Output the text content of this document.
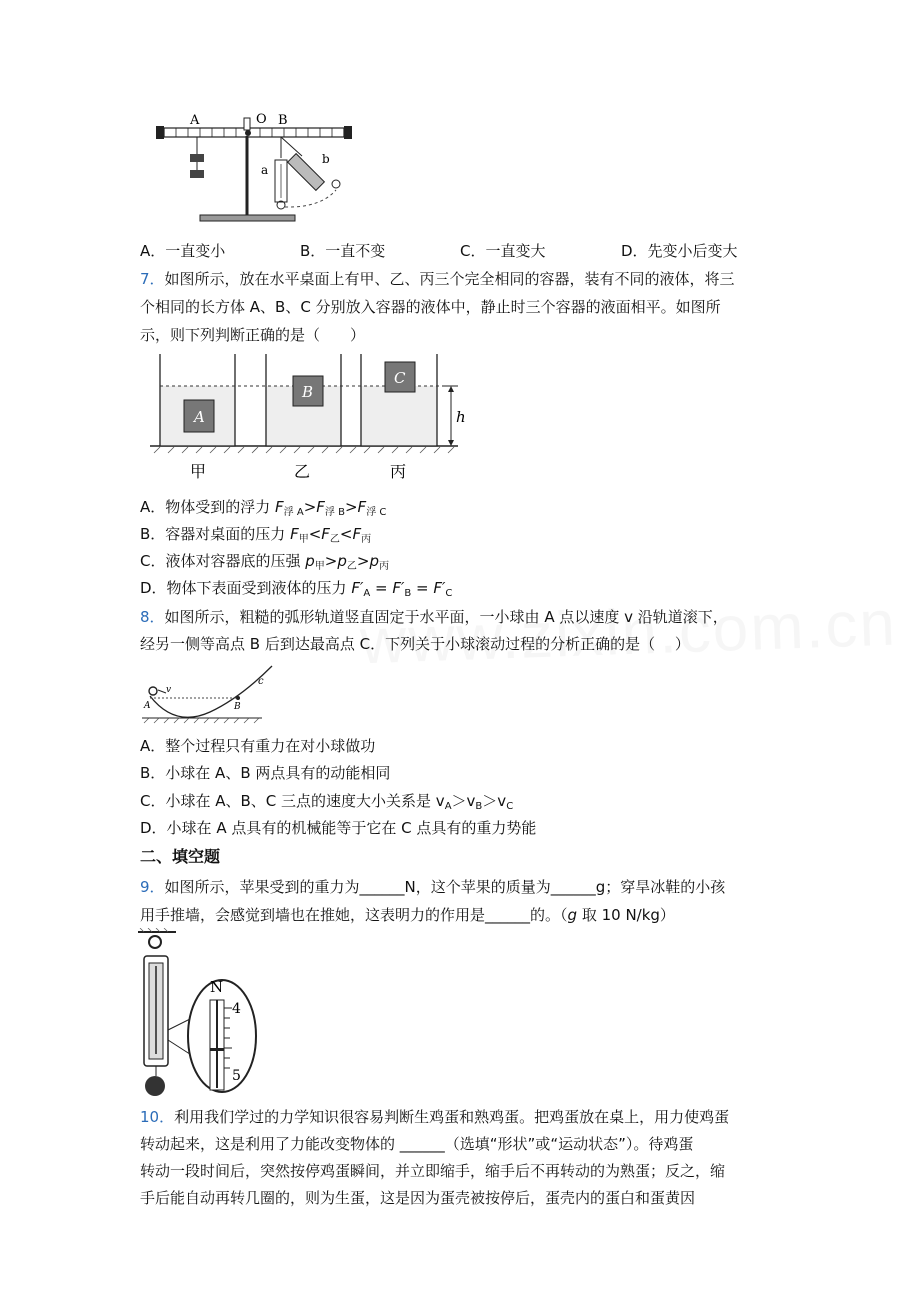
A	O B
a
b
A．一直变小	B．一直不变	C．一直变大	D．先变小后变大
7．如图所示，放在水平桌面上有甲、乙、丙三个完全相同的容器，装有不同的液体，将三
个相同的长方体 A、B、C 分别放入容器的液体中，静止时三个容器的液面相平。如图所
示，则下列判断正确的是（　　）
A
B
C
h
甲	乙	丙
A．物体受到的浮力 $F_{浮 A}>F_{浮 B}>F_{浮 C}$
B．容器对桌面的压力 $F_甲<F_乙<F_丙$
C．液体对容器底的压强 $p_甲>p_乙>p_丙$
D．物体下表面受到液体的压力 $F'_A = F'_B = F'_C$
8．如图所示，粗糙的弧形轨道竖直固定于水平面，一小球由 A 点以速度 v 沿轨道滚下，
经另一侧等高点 B 后到达最高点 C．下列关于小球滚动过程的分析正确的是（　 ）
A
v
B
c
A．整个过程只有重力在对小球做功
B．小球在 A、B 两点具有的动能相同
C．小球在 A、B、C 三点的速度大小关系是 $v_A>v_B>v_C$
D．小球在 A 点具有的机械能等于它在 C 点具有的重力势能
二、填空题
9．如图所示，苹果受到的重力为______N，这个苹果的质量为______g；穿旱冰鞋的小孩
用手推墙，会感觉到墙也在推她，这表明力的作用是______的。（g 取 10 N/kg）
N
4
5
10．利用我们学过的力学知识很容易判断生鸡蛋和熟鸡蛋。把鸡蛋放在桌上，用力使鸡蛋
转动起来，这是利用了力能改变物体的 ______（选填“形状”或“运动状态”）。待鸡蛋
转动一段时间后，突然按停鸡蛋瞬间，并立即缩手，缩手后不再转动的为熟蛋；反之，缩
手后能自动再转几圈的，则为生蛋，这是因为蛋壳被按停后，蛋壳内的蛋白和蛋黄因
